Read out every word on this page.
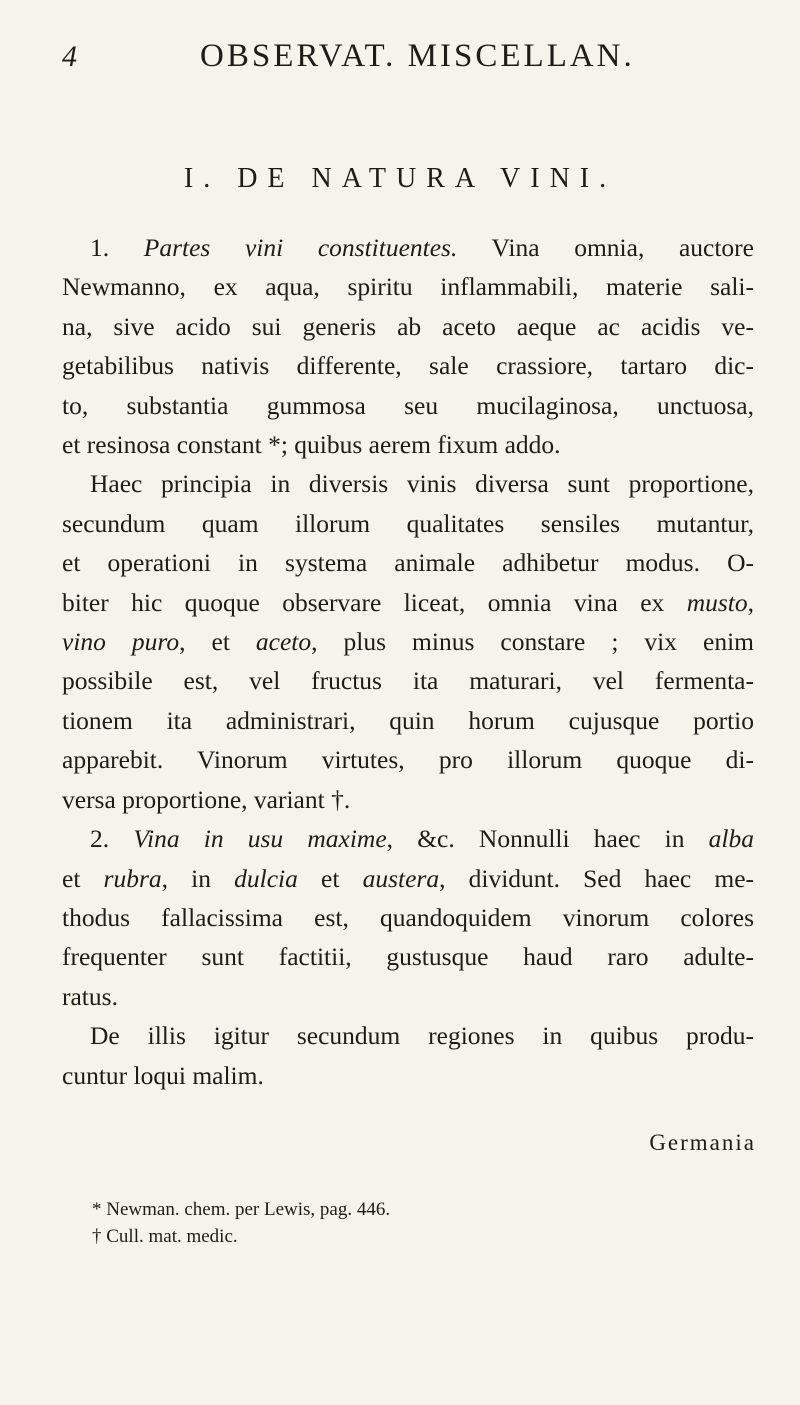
4	OBSERVAT. MISCELLAN.
I. DE NATURA VINI.

1. Partes vini constituentes. Vina omnia, auctore

Newmanno, ex aqua, spiritu inflammabili, materie sali-

na, sive acido sui generis ab aceto aeque ac acidis ve-

getabilibus nativis differente, sale crassiore, tartaro dic-

to, substantia gummosa seu mucilaginosa, unctuosa,

et resinosa constant *; quibus aerem fixum addo.

Haec principia in diversis vinis diversa sunt proportione,

secundum quam illorum qualitates sensiles mutantur,

et operationi in systema animale adhibetur modus. O-

biter hic quoque observare liceat, omnia vina ex musto,

vino puro, et aceto, plus minus constare ; vix enim

possibile est, vel fructus ita maturari, vel fermenta-

tionem ita administrari, quin horum cujusque portio

apparebit. Vinorum virtutes, pro illorum quoque di-

versa proportione, variant †.

2. Vina in usu maxime, &c. Nonnulli haec in alba

et rubra, in dulcia et austera, dividunt. Sed haec me-

thodus fallacissima est, quandoquidem vinorum colores

frequenter sunt factitii, gustusque haud raro adulte-

ratus.

De illis igitur secundum regiones in quibus produ-

cuntur loqui malim.

Germania

* Newman. chem. per Lewis, pag. 446.

† Cull. mat. medic.
